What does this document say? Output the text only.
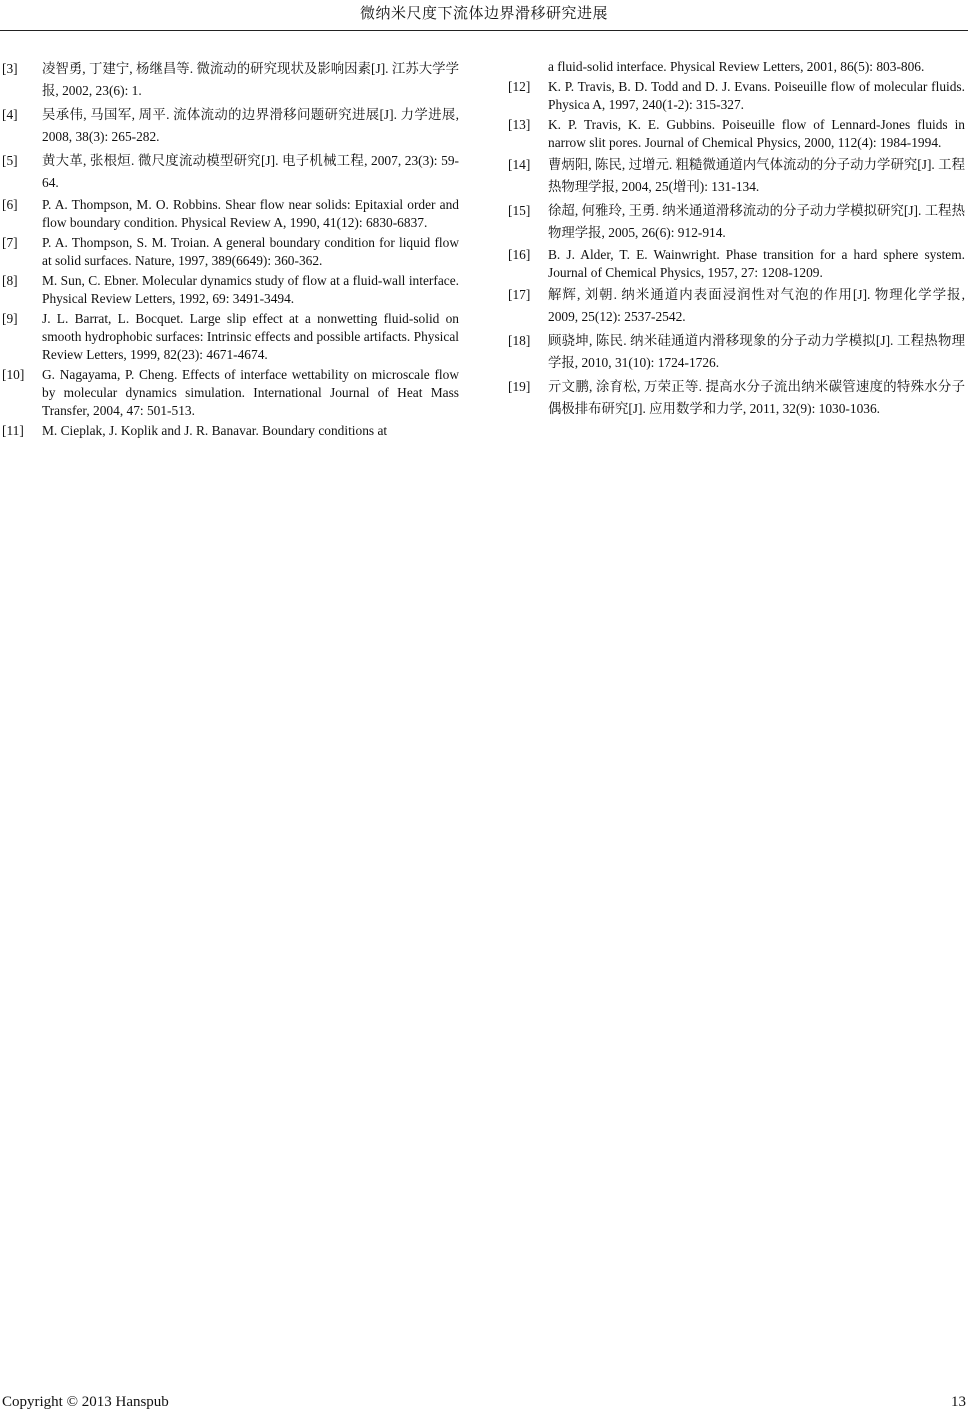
微纳米尺度下流体边界滑移研究进展
[3]	凌智勇, 丁建宁, 杨继昌等. 微流动的研究现状及影响因素[J]. 江苏大学学报, 2002, 23(6): 1.
[4]	吴承伟, 马国军, 周平. 流体流动的边界滑移问题研究进展[J]. 力学进展, 2008, 38(3): 265-282.
[5]	黄大革, 张根烜. 微尺度流动模型研究[J]. 电子机械工程, 2007, 23(3): 59-64.
[6]	P. A. Thompson, M. O. Robbins. Shear flow near solids: Epitaxial order and flow boundary condition. Physical Review A, 1990, 41(12): 6830-6837.
[7]	P. A. Thompson, S. M. Troian. A general boundary condition for liquid flow at solid surfaces. Nature, 1997, 389(6649): 360-362.
[8]	M. Sun, C. Ebner. Molecular dynamics study of flow at a fluid-wall interface. Physical Review Letters, 1992, 69: 3491-3494.
[9]	J. L. Barrat, L. Bocquet. Large slip effect at a nonwetting fluid-solid on smooth hydrophobic surfaces: Intrinsic effects and possible artifacts. Physical Review Letters, 1999, 82(23): 4671-4674.
[10]	G. Nagayama, P. Cheng. Effects of interface wettability on microscale flow by molecular dynamics simulation. International Journal of Heat Mass Transfer, 2004, 47: 501-513.
[11]	M. Cieplak, J. Koplik and J. R. Banavar. Boundary conditions at
a fluid-solid interface. Physical Review Letters, 2001, 86(5): 803-806.
[12]	K. P. Travis, B. D. Todd and D. J. Evans. Poiseuille flow of molecular fluids. Physica A, 1997, 240(1-2): 315-327.
[13]	K. P. Travis, K. E. Gubbins. Poiseuille flow of Lennard-Jones fluids in narrow slit pores. Journal of Chemical Physics, 2000, 112(4): 1984-1994.
[14]	曹炳阳, 陈民, 过增元. 粗糙微通道内气体流动的分子动力学研究[J]. 工程热物理学报, 2004, 25(增刊): 131-134.
[15]	徐超, 何雅玲, 王勇. 纳米通道滑移流动的分子动力学模拟研究[J]. 工程热物理学报, 2005, 26(6): 912-914.
[16]	B. J. Alder, T. E. Wainwright. Phase transition for a hard sphere system. Journal of Chemical Physics, 1957, 27: 1208-1209.
[17]	解辉, 刘朝. 纳米通道内表面浸润性对气泡的作用[J]. 物理化学学报, 2009, 25(12): 2537-2542.
[18]	顾骁坤, 陈民. 纳米硅通道内滑移现象的分子动力学模拟[J]. 工程热物理学报, 2010, 31(10): 1724-1726.
[19]	亓文鹏, 涂育松, 万荣正等. 提高水分子流出纳米碳管速度的特殊水分子偶极排布研究[J]. 应用数学和力学, 2011, 32(9): 1030-1036.
Copyright © 2013 Hanspub	13
